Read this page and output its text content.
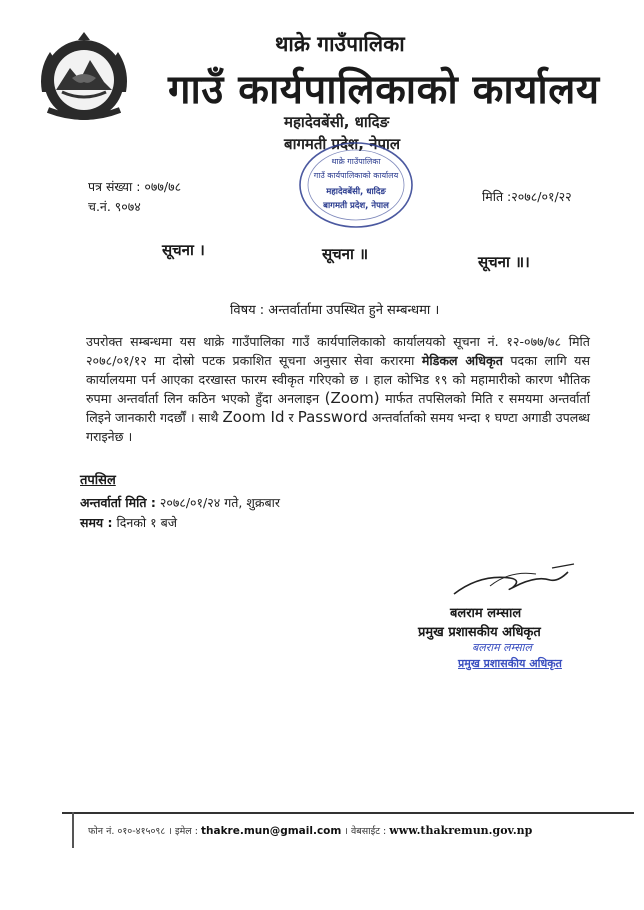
थाक्रे गाउँपालिका
गाउँ कार्यपालिकाको कार्यालय
महादेवबेंसी, धादिङ
बागमती प्रदेश, नेपाल
थाक्रे गाउँपालिका
गाउँ कार्यपालिकाको कार्यालय
महादेवबेंसी, धादिङ
बागमती प्रदेश, नेपाल
पत्र संख्या : ०७७/७८
च.नं. ९०७४
मिति :२०७८/०१/२२
सूचना ।	सूचना ॥	सूचना ॥।
विषय : अन्तर्वार्तामा उपस्थित हुने सम्बन्धमा ।
उपरोक्त सम्बन्धमा यस थाक्रे गाउँपालिका गाउँ कार्यपालिकाको कार्यालयको सूचना नं. १२-०७७/७८ मिति २०७८/०१/१२ मा दोस्रो पटक प्रकाशित सूचना अनुसार सेवा करारमा मेडिकल अधिकृत पदका लागि यस कार्यालयमा पर्न आएका दरखास्त फारम स्वीकृत गरिएको छ । हाल कोभिड १९ को महामारीको कारण भौतिक रुपमा अन्तर्वार्ता लिन कठिन भएको हुँदा अनलाइन (Zoom) मार्फत तपसिलको मिति र समयमा अन्तर्वार्ता लिइने जानकारी गदर्छौं । साथै Zoom Id र Password अन्तर्वार्ताको समय भन्दा १ घण्टा अगाडी उपलब्ध गराइनेछ ।
तपसिल
अन्तर्वार्ता मिति : २०७८/०१/२४ गते, शुक्रबार
समय : दिनको १ बजे
बलराम लम्साल
प्रमुख प्रशासकीय अधिकृत
बलराम लम्साल
प्रमुख प्रशासकीय अधिकृत
फोन नं. ०१०-४१५०९८ । इमेल : thakre.mun@gmail.com । वेबसाईट : www.thakremun.gov.np
